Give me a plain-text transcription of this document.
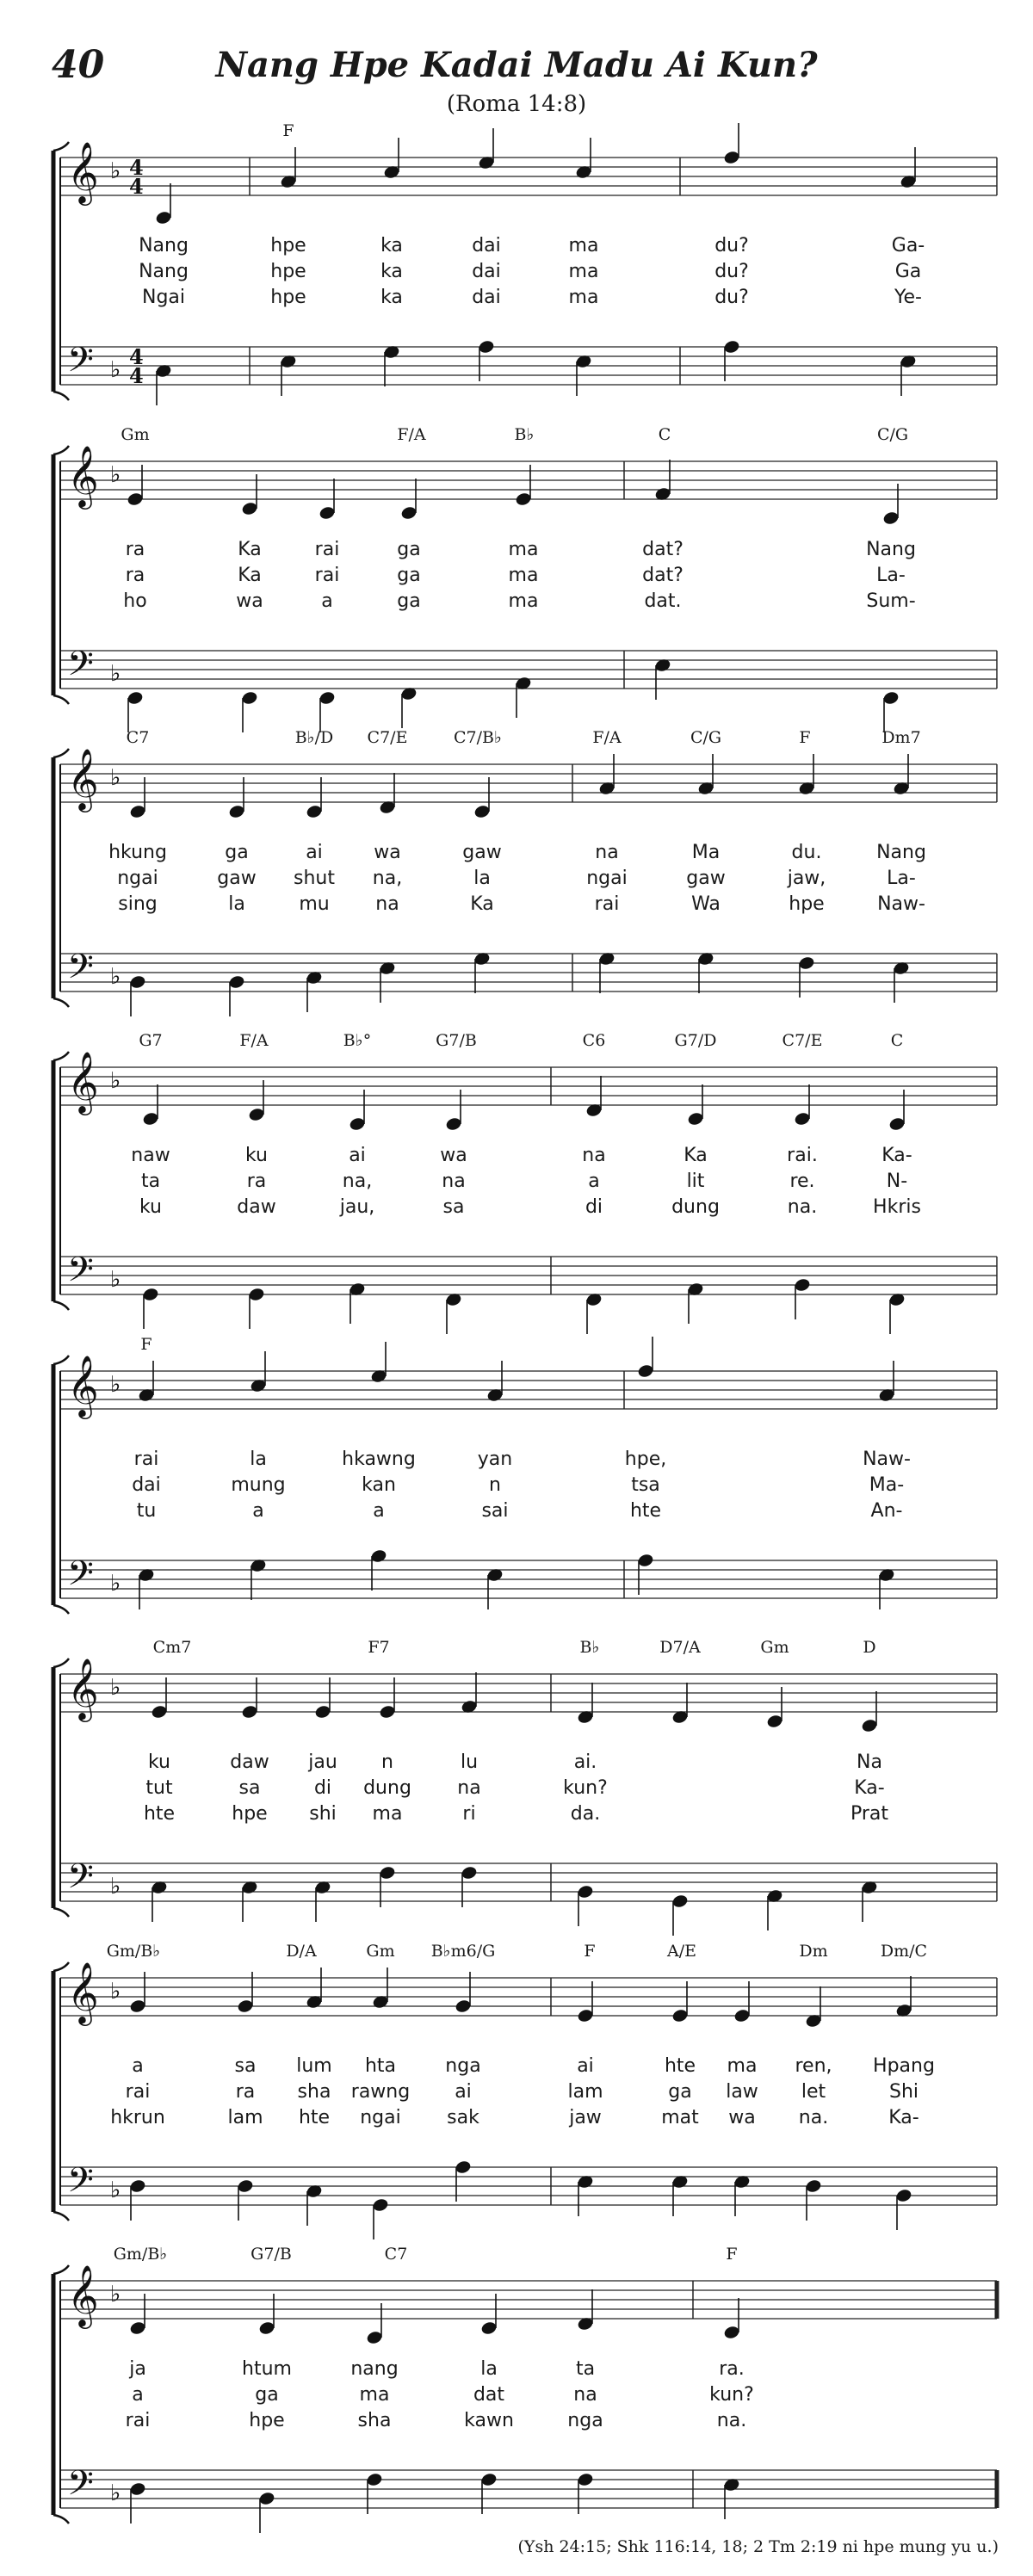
40	Nang Hpe Kadai Madu Ai Kun?
(Roma 14:8)
𝄞 ♭ 4
4
𝄢 ♭
4
4
F
Nang	hpe	ka	dai	ma	du?	Ga-
Nang	hpe	ka	dai	ma	du?	Ga
Ngai	hpe	ka	dai	ma	du?	Ye-
𝄞 ♭
𝄢 ♭
Gm	F/A	B♭	C	C/G
ra	Ka	rai	ga	ma	dat?	Nang
ra	Ka	rai	ga	ma	dat?	La-
ho	wa	a	ga	ma	dat.	Sum-
𝄞 ♭
𝄢 ♭
C7	B♭/D C7/E	C7/B♭	F/A	C/G	F	Dm7
hkung	ga	ai	wa	gaw	na	Ma	du.	Nang
ngai	gaw shut na,	la	ngai	gaw	jaw,	La-
sing	la	mu na	Ka	rai	Wa	hpe	Naw-
𝄞 ♭
𝄢 ♭
G7	F/A	B♭°	G7/B	C6	G7/D	C7/E	C
naw	ku	ai	wa	na	Ka	rai.	Ka-
ta	ra	na,	na	a	lit	re.	N-
ku	daw	jau,	sa	di	dung	na.	Hkris
𝄞 ♭
𝄢 ♭
F
rai	la	hkawng	yan	hpe,	Naw-
dai	mung	kan	n	tsa	Ma-
tu	a	a	sai	hte	An-
𝄞 ♭
𝄢 ♭
Cm7	F7	B♭	D7/A	Gm	D
ku	daw jau n	lu	ai.	Na
tut	sa	di dung na	kun?	Ka-
hte	hpe shi ma	ri	da.	Prat
𝄞 ♭
𝄢 ♭
Gm/B♭	D/A	Gm B♭m6/G	F	A/E	Dm	Dm/C
a	sa lum hta	nga	ai	hte ma ren, Hpang
rai	ra sha rawng ai	lam	ga law let	Shi
hkrun	lam hte ngai sak	jaw	mat wa na.	Ka-
𝄞 ♭
𝄢 ♭
Gm/B♭	G7/B	C7	F
ja	htum	nang	la	ta	ra.
a	ga	ma	dat	na	kun?
rai	hpe	sha	kawn	nga	na.
(Ysh 24:15; Shk 116:14, 18; 2 Tm 2:19 ni hpe mung yu u.)
